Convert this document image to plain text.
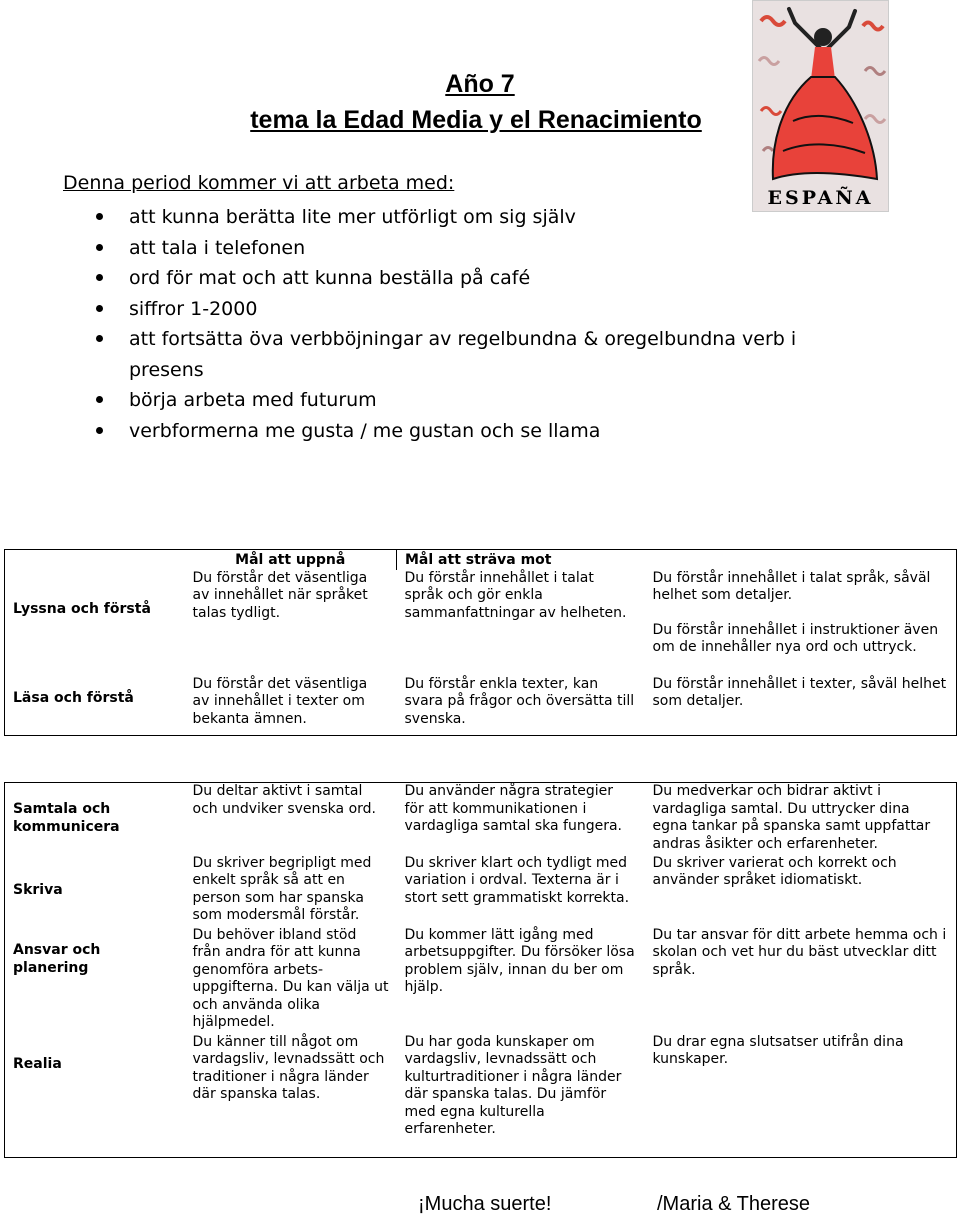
Año 7
tema la Edad Media y el Renacimiento
ESPAÑA

Denna period kommer vi att arbeta med:

att kunna berätta lite mer utförligt om sig själv
att tala i telefonen
ord för mat och att kunna beställa på café
siffror 1-2000
att fortsätta öva verbböjningar av regelbundna & oregelbundna verb i presens
börja arbeta med futurum
verbformerna me gusta / me gustan och se llama
	Mål att uppnå	Mål att sträva mot	
Lyssna och förstå	Du förstår det väsentliga av innehållet när språket talas tydligt.	Du förstår innehållet i talat språk och gör enkla sammanfattningar av helheten.	Du förstår innehållet i talat språk, såväl helhet som detaljer.
Du förstår innehållet i instruktioner även om de innehåller nya ord och uttryck.

Läsa och förstå	Du förstår det väsentliga av innehållet i texter om bekanta ämnen.	Du förstår enkla texter, kan svara på frågor och översätta till svenska.	Du förstår innehållet i texter, såväl helhet som detaljer.
Samtala och kommunicera	Du deltar aktivt i samtal och undviker svenska ord.	Du använder några strategier för att kommunikationen i vardagliga samtal ska fungera.	Du medverkar och bidrar aktivt i vardagliga samtal. Du uttrycker dina egna tankar på spanska samt uppfattar andras åsikter och erfarenheter.
Skriva	Du skriver begripligt med enkelt språk så att en person som har spanska som modersmål förstår.	Du skriver klart och tydligt med variation i ordval. Texterna är i stort sett grammatiskt korrekta.	Du skriver varierat och korrekt och använder språket idiomatiskt.
Ansvar och planering	Du behöver ibland stöd från andra för att kunna genomföra arbets-uppgifterna. Du kan välja ut och använda olika hjälpmedel.	Du kommer lätt igång med arbetsuppgifter. Du försöker lösa problem själv, innan du ber om hjälp.	Du tar ansvar för ditt arbete hemma och i skolan och vet hur du bäst utvecklar ditt språk.
Realia	Du känner till något om vardagsliv, levnadssätt och traditioner i några länder där spanska talas.	Du har goda kunskaper om vardagsliv, levnadssätt och kulturtraditioner i några länder där spanska talas. Du jämför med egna kulturella erfarenheter.	Du drar egna slutsatser utifrån dina kunskaper.
¡Mucha suerte!	/Maria & Therese
